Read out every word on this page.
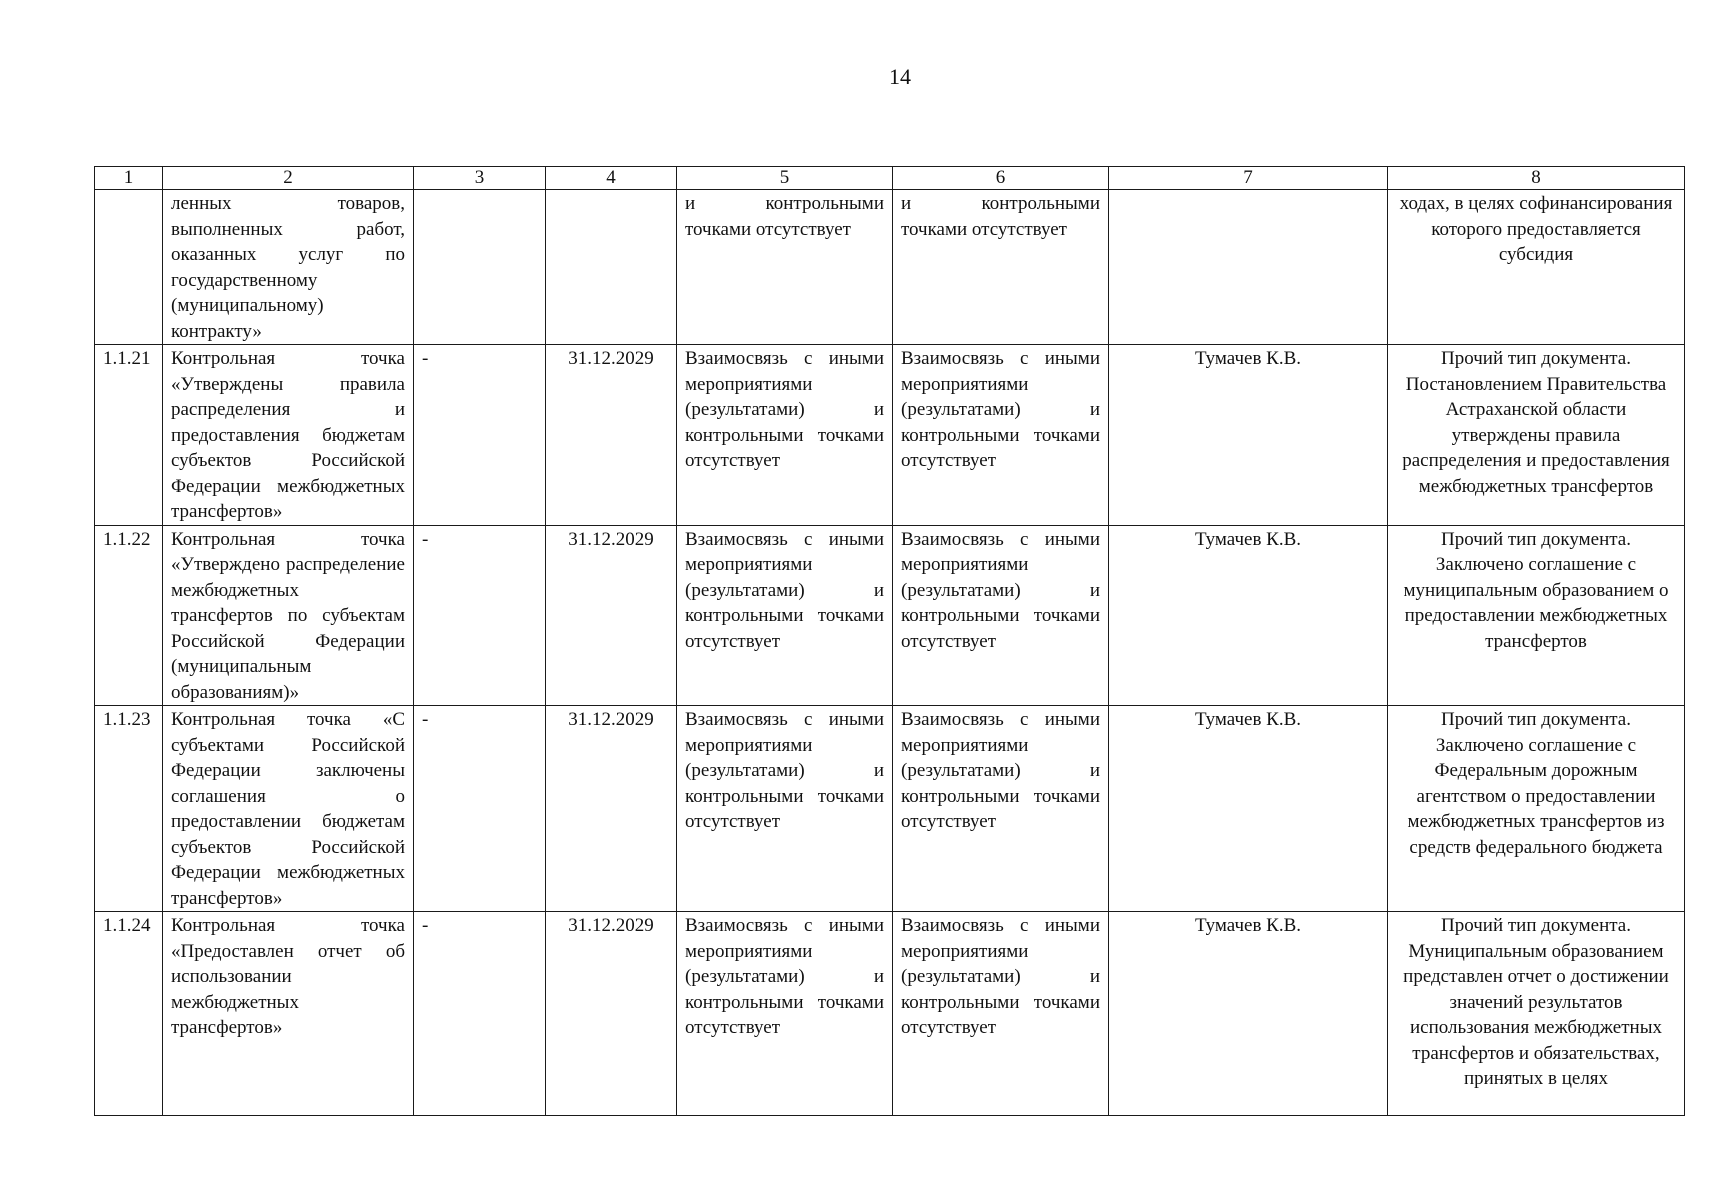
14
1	2	3	4	5	6	7	8
	ленных товаров, выполненных работ, оказанных услуг по государственному (муниципальному) контракту»			и контрольными точками отсутствует	и контрольными точками отсутствует		ходах, в целях софинансирования которого предоставляется субсидия
1.1.21	Контрольная точка «Утверждены правила распределения и предоставления бюджетам субъектов Российской Федерации межбюджетных трансфертов»	-	31.12.2029	Взаимосвязь с иными мероприятиями (результатами) и контрольными точками отсутствует	Взаимосвязь с иными мероприятиями (результатами) и контрольными точками отсутствует	Тумачев К.В.	Прочий тип документа. Постановлением Правительства Астраханской области утверждены правила распределения и предоставления межбюджетных трансфертов
1.1.22	Контрольная точка «Утверждено распределение межбюджетных трансфертов по субъектам Российской Федерации (муниципальным образованиям)»	-	31.12.2029	Взаимосвязь с иными мероприятиями (результатами) и контрольными точками отсутствует	Взаимосвязь с иными мероприятиями (результатами) и контрольными точками отсутствует	Тумачев К.В.	Прочий тип документа. Заключено соглашение с муниципальным образованием о предоставлении межбюджетных трансфертов
1.1.23	Контрольная точка «С субъектами Российской Федерации заключены соглашения о предоставлении бюджетам субъектов Российской Федерации межбюджетных трансфертов»	-	31.12.2029	Взаимосвязь с иными мероприятиями (результатами) и контрольными точками отсутствует	Взаимосвязь с иными мероприятиями (результатами) и контрольными точками отсутствует	Тумачев К.В.	Прочий тип документа. Заключено соглашение с Федеральным дорожным агентством о предоставлении межбюджетных трансфертов из средств федерального бюджета
1.1.24	Контрольная точка «Предоставлен отчет об использовании межбюджетных трансфертов»	-	31.12.2029	Взаимосвязь с иными мероприятиями (результатами) и контрольными точками отсутствует	Взаимосвязь с иными мероприятиями (результатами) и контрольными точками отсутствует	Тумачев К.В.	Прочий тип документа. Муниципальным образованием представлен отчет о достижении значений результатов использования межбюджетных трансфертов и обязательствах, принятых в целях
